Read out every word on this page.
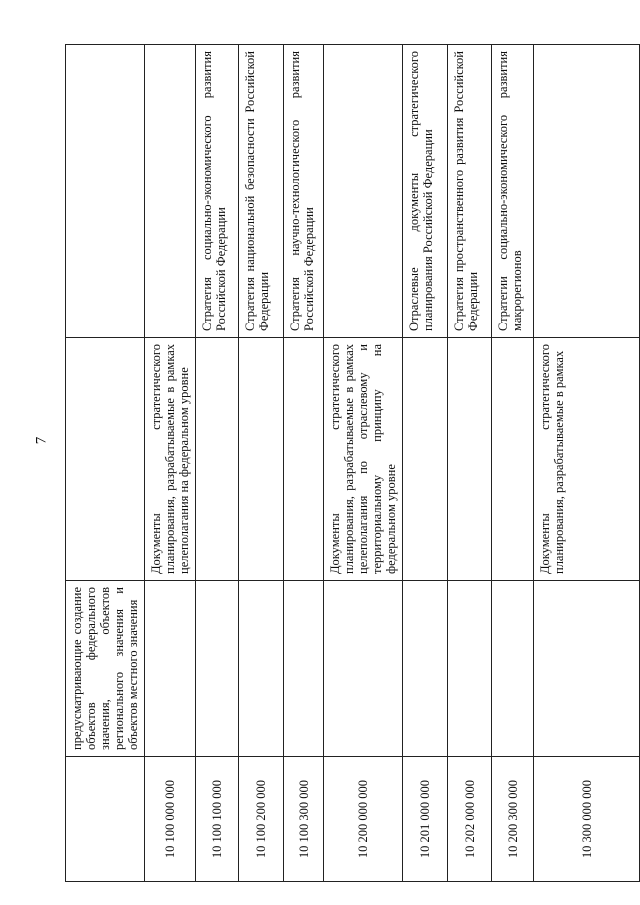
7
	предусматривающие создание объектов федерального значения, объектов регионального значения и объектов местного значения		
10 100 000 000		Документы стратегического планирования, разрабатываемые в рамках целеполагания на федеральном уровне	
10 100 100 000			Стратегия социально-экономического развития Российской Федерации
10 100 200 000			Стратегия национальной безопасности Российской Федерации
10 100 300 000			Стратегия научно-технологического развития Российской Федерации
10 200 000 000		Документы стратегического планирования, разрабатываемые в рамках целеполагания по отраслевому и территориальному принципу на федеральном уровне	
10 201 000 000			Отраслевые документы стратегического планирования Российской Федерации
10 202 000 000			Стратегия пространственного развития Российской Федерации
10 200 300 000			Стратегии социально-экономического развития макрорегионов
10 300 000 000		Документы стратегического планирования, разрабатываемые в рамках	
